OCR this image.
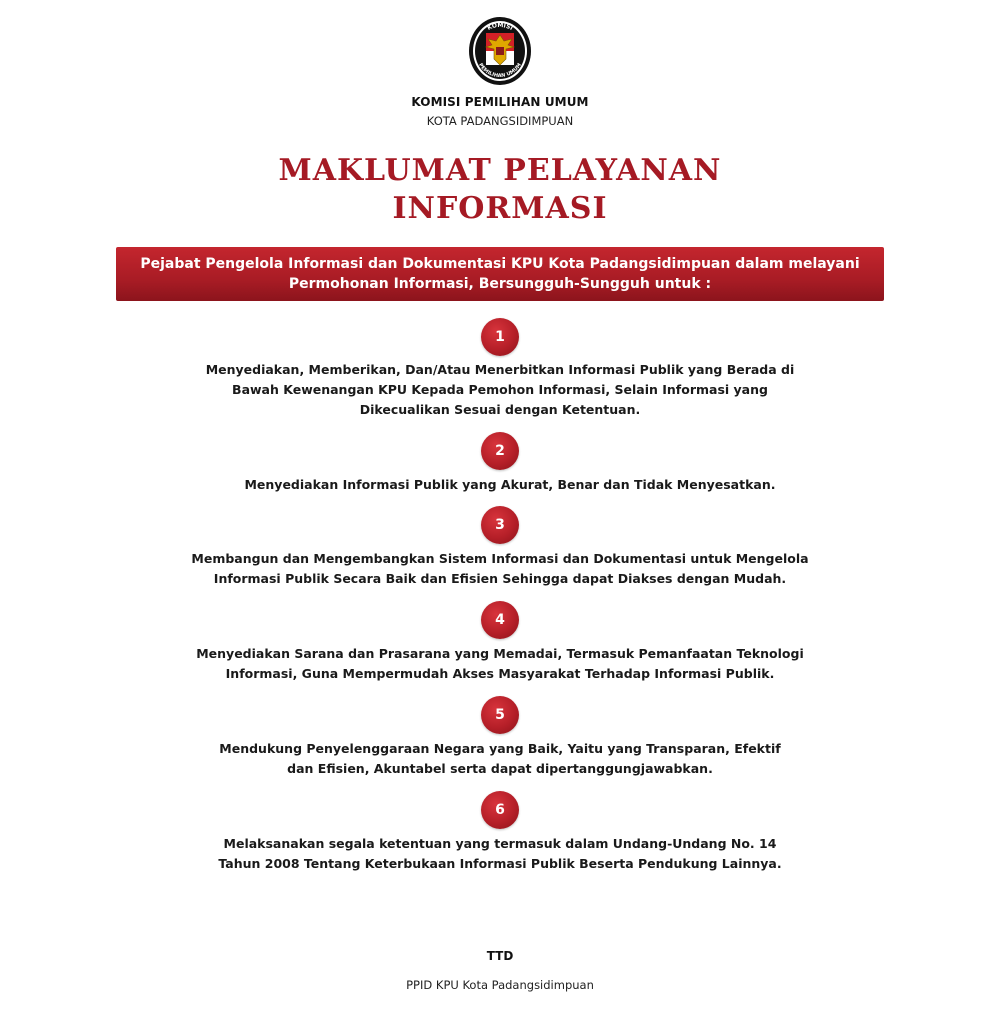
KOMISI
PEMILIHAN UMUM
KOMISI PEMILIHAN UMUM
KOTA PADANGSIDIMPUAN
MAKLUMAT PELAYANAN
INFORMASI
Pejabat Pengelola Informasi dan Dokumentasi KPU Kota Padangsidimpuan dalam melayani
Permohonan Informasi, Bersungguh-Sungguh untuk :
1
Menyediakan, Memberikan, Dan/Atau Menerbitkan Informasi Publik yang Berada di
Bawah Kewenangan KPU Kepada Pemohon Informasi, Selain Informasi yang
Dikecualikan Sesuai dengan Ketentuan.
2
Menyediakan Informasi Publik yang Akurat, Benar dan Tidak Menyesatkan.
3
Membangun dan Mengembangkan Sistem Informasi dan Dokumentasi untuk Mengelola
Informasi Publik Secara Baik dan Efisien Sehingga dapat Diakses dengan Mudah.
4
Menyediakan Sarana dan Prasarana yang Memadai, Termasuk Pemanfaatan Teknologi
Informasi, Guna Mempermudah Akses Masyarakat Terhadap Informasi Publik.
5
Mendukung Penyelenggaraan Negara yang Baik, Yaitu yang Transparan, Efektif
dan Efisien, Akuntabel serta dapat dipertanggungjawabkan.
6
Melaksanakan segala ketentuan yang termasuk dalam Undang-Undang No. 14
Tahun 2008 Tentang Keterbukaan Informasi Publik Beserta Pendukung Lainnya.
TTD
PPID KPU Kota Padangsidimpuan
